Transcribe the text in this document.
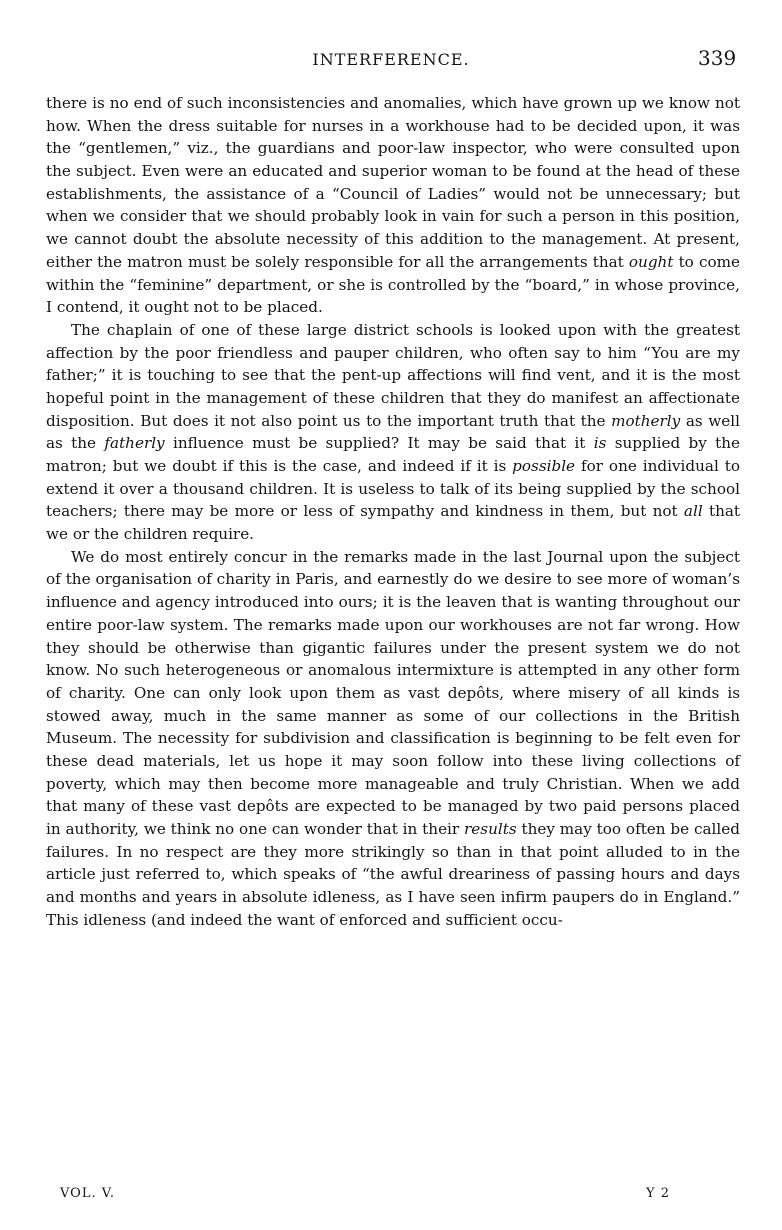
INTERFERENCE.	339

there is no end of such inconsistencies and anomalies, which have grown up we know not how. When the dress suitable for nurses in a workhouse had to be decided upon, it was the “gentlemen,” viz., the guardians and poor-law inspector, who were consulted upon the subject. Even were an educated and superior woman to be found at the head of these establishments, the assistance of a “Council of Ladies” would not be unnecessary; but when we consider that we should probably look in vain for such a person in this position, we cannot doubt the absolute necessity of this addition to the management. At present, either the matron must be solely responsible for all the arrangements that ought to come within the “feminine” department, or she is controlled by the “board,” in whose province, I contend, it ought not to be placed.

The chaplain of one of these large district schools is looked upon with the greatest affection by the poor friendless and pauper children, who often say to him “You are my father;” it is touching to see that the pent-up affections will find vent, and it is the most hopeful point in the management of these children that they do manifest an affectionate disposition. But does it not also point us to the important truth that the motherly as well as the fatherly influence must be supplied? It may be said that it is supplied by the matron; but we doubt if this is the case, and indeed if it is possible for one individual to extend it over a thousand children. It is useless to talk of its being supplied by the school teachers; there may be more or less of sympathy and kindness in them, but not all that we or the children require.

We do most entirely concur in the remarks made in the last Journal upon the subject of the organisation of charity in Paris, and earnestly do we desire to see more of woman’s influence and agency introduced into ours; it is the leaven that is wanting throughout our entire poor-law system. The remarks made upon our workhouses are not far wrong. How they should be otherwise than gigantic failures under the present system we do not know. No such heterogeneous or anomalous intermixture is attempted in any other form of charity. One can only look upon them as vast depôts, where misery of all kinds is stowed away, much in the same manner as some of our collections in the British Museum. The necessity for subdivision and classification is beginning to be felt even for these dead materials, let us hope it may soon follow into these living collections of poverty, which may then become more manageable and truly Christian. When we add that many of these vast depôts are expected to be managed by two paid persons placed in authority, we think no one can wonder that in their results they may too often be called failures. In no respect are they more strikingly so than in that point alluded to in the article just referred to, which speaks of “the awful dreariness of passing hours and days and months and years in absolute idleness, as I have seen infirm paupers do in England.” This idleness (and indeed the want of enforced and sufficient occu-

VOL. V.	Y 2
